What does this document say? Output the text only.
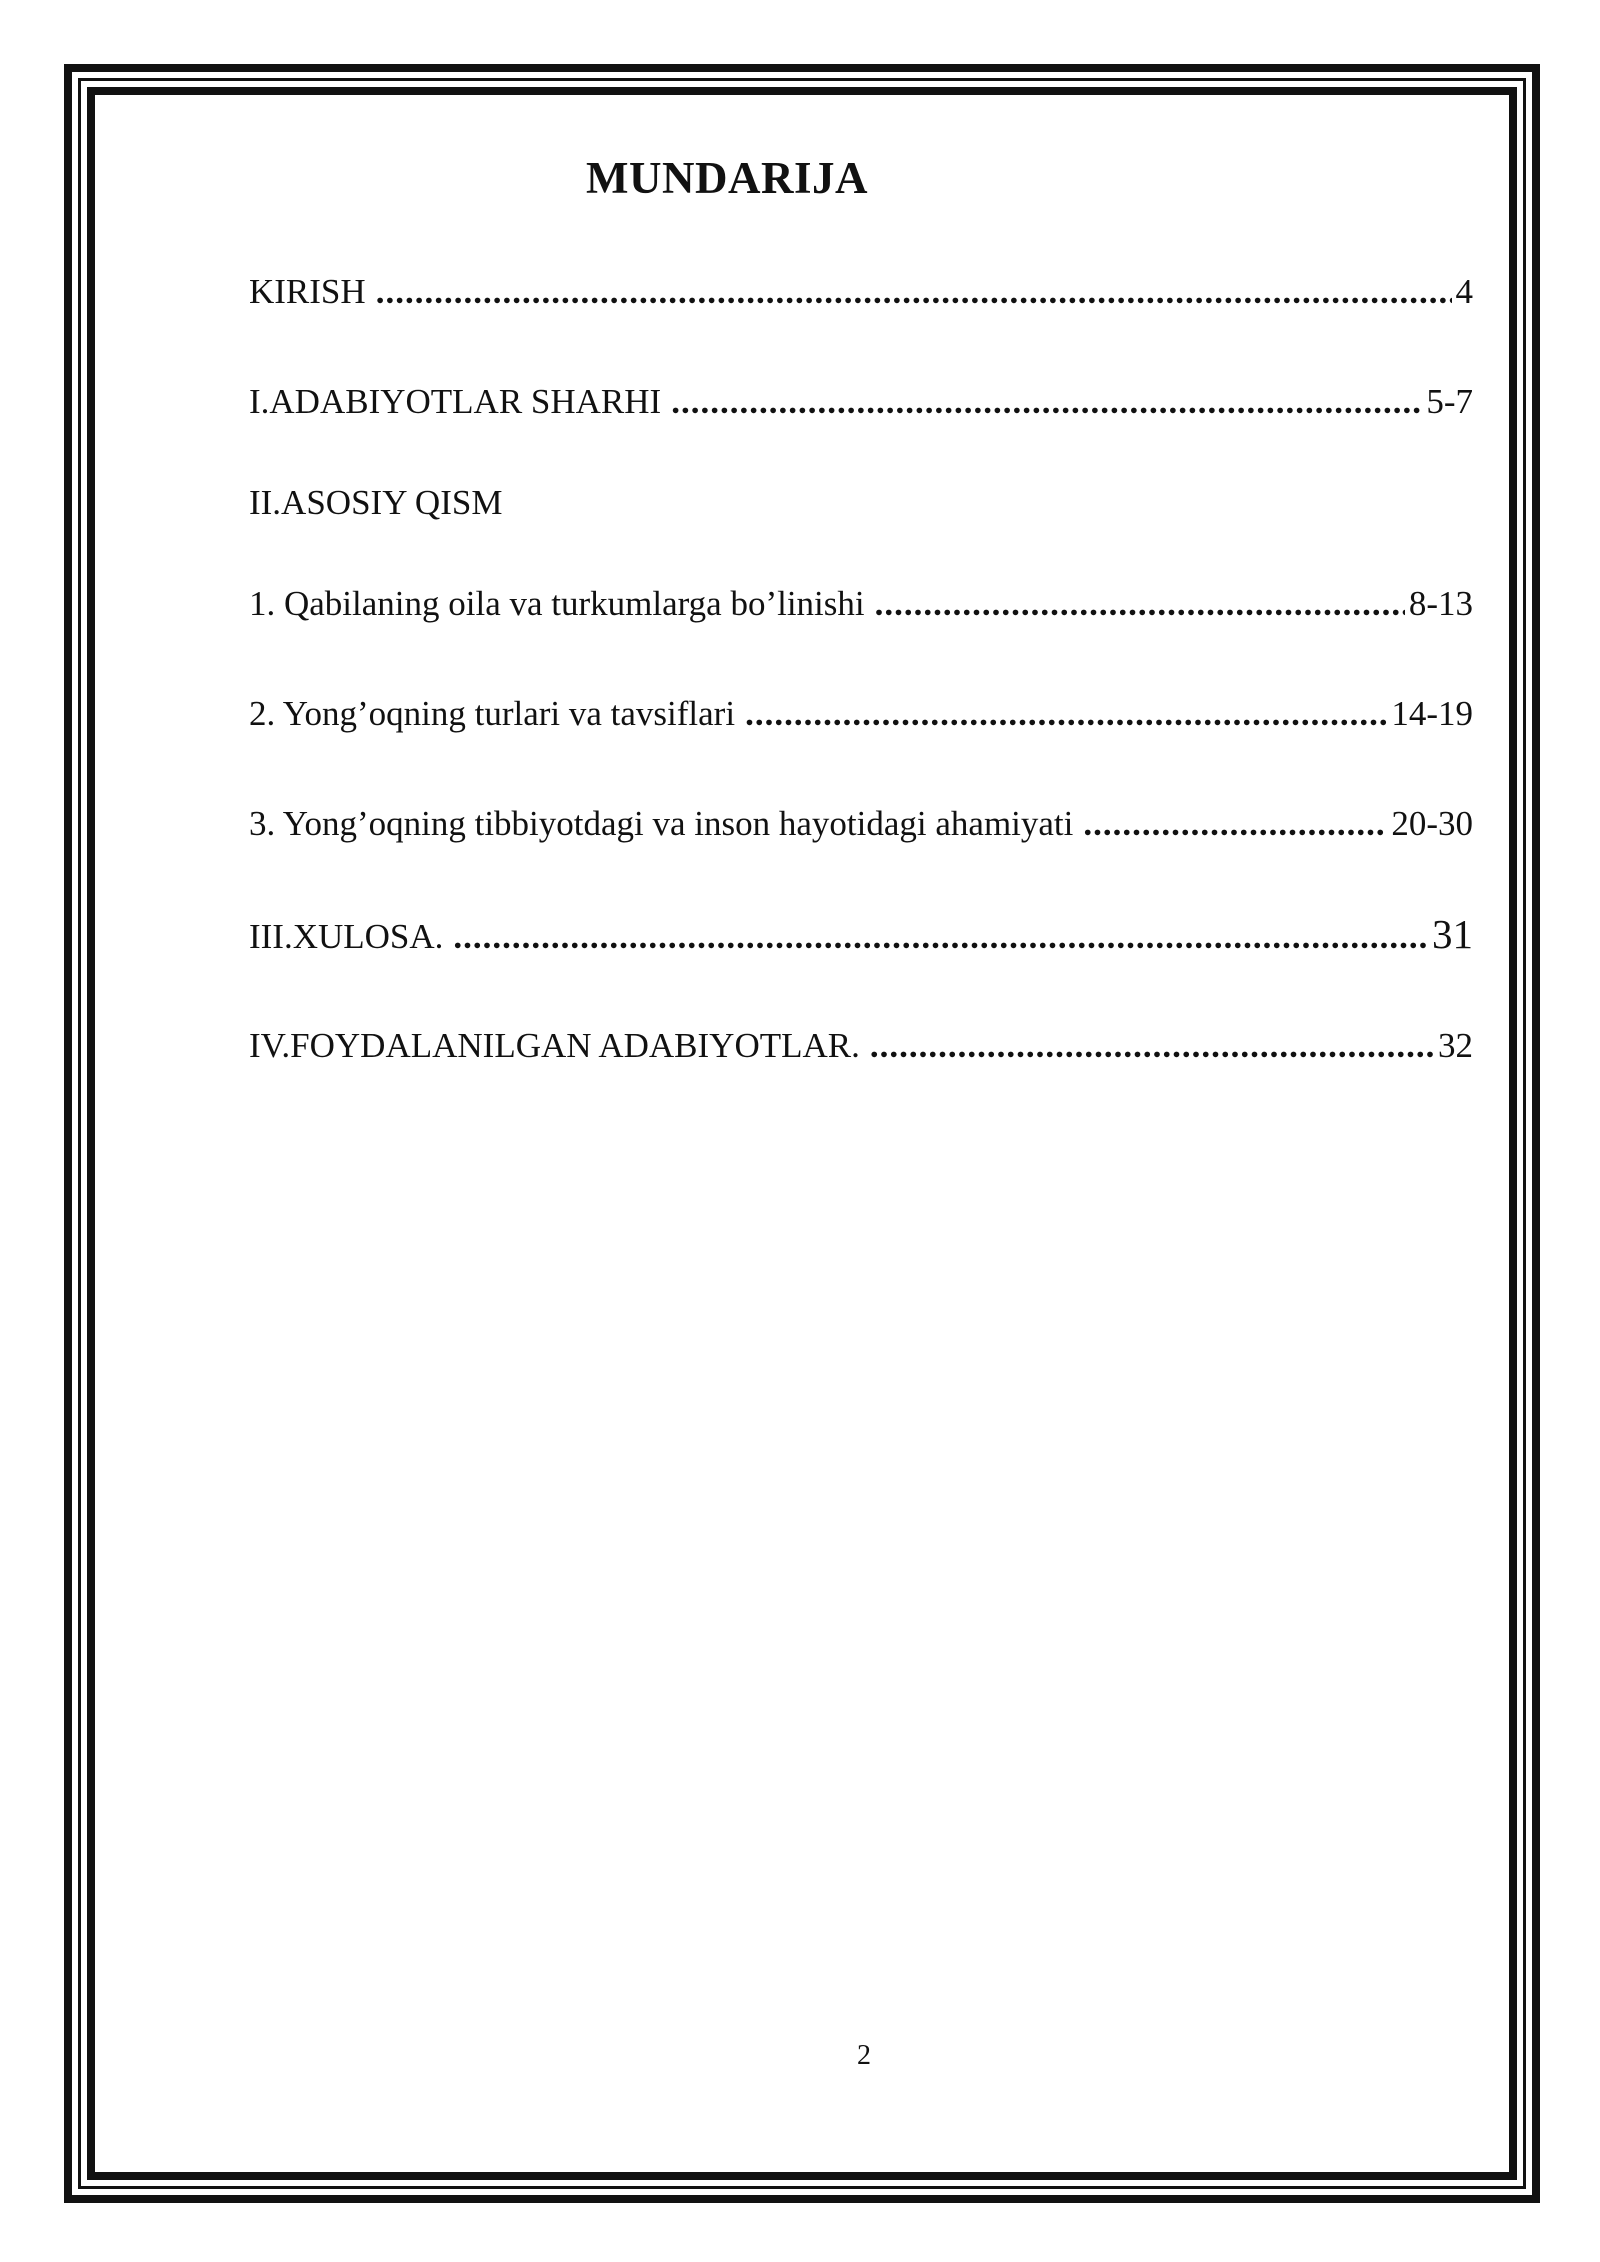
MUNDARIJA
KIRISH .....	4
I.ADABIYOTLAR SHARHI .....	5-7
II.ASOSIY QISM
1. Qabilaning oila va turkumlarga bo’linishi .....	8-13
2. Yong’oqning turlari va tavsiflari .....	14-19
3. Yong’oqning tibbiyotdagi va inson hayotidagi ahamiyati .....	20-30
III.XULOSA. .....	31
IV.FOYDALANILGAN ADABIYOTLAR. .....	32
2
